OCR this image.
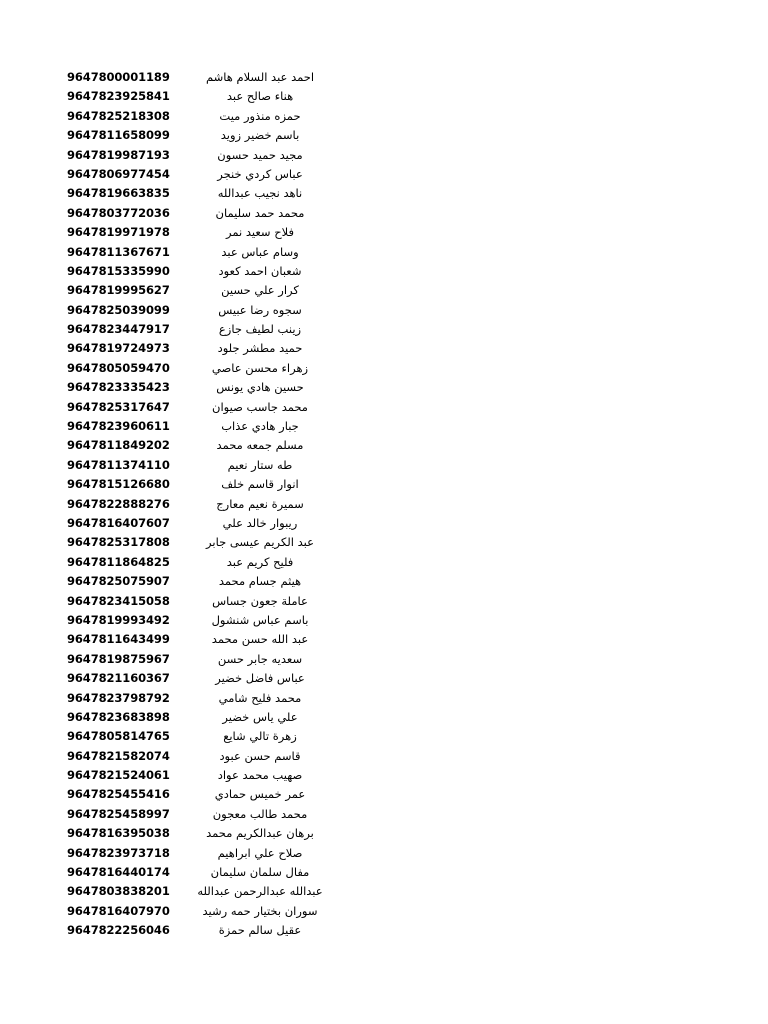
9647800001189	احمد عبد السلام هاشم
9647823925841	هناء صالح عبد
9647825218308	حمزه منذور ميت
9647811658099	باسم خضير زويد
9647819987193	مجيد حميد حسون
9647806977454	عباس كردي خنجر
9647819663835	ناهد نجيب عبدالله
9647803772036	محمد حمد سليمان
9647819971978	فلاح سعيد نمر
9647811367671	وسام عباس عبد
9647815335990	شعبان احمد كعود
9647819995627	كرار علي حسين
9647825039099	سجوه رضا عبيس
9647823447917	زينب لطيف جازع
9647819724973	حميد مطشر جلود
9647805059470	زهراء محسن عاصي
9647823335423	حسين هادي يونس
9647825317647	محمد جاسب صيوان
9647823960611	جبار هادي عذاب
9647811849202	مسلم جمعه محمد
9647811374110	طه ستار نعيم
9647815126680	انوار قاسم خلف
9647822888276	سميرة نعيم معارج
9647816407607	ريبوار خالد علي
9647825317808	عبد الكريم عيسى جابر
9647811864825	فليح كريم عبد
9647825075907	هيثم جسام محمد
9647823415058	عاملة جعون جساس
9647819993492	باسم عباس شنشول
9647811643499	عبد الله حسن محمد
9647819875967	سعديه جابر حسن
9647821160367	عباس فاضل خضير
9647823798792	محمد فليح شامي
9647823683898	علي ياس خضير
9647805814765	زهرة تالي شايع
9647821582074	قاسم حسن عبود
9647821524061	صهيب محمد عواد
9647825455416	عمر خميس حمادي
9647825458997	محمد طالب معجون
9647816395038	برهان عبدالكريم محمد
9647823973718	صلاح علي ابراهيم
9647816440174	مفال سلمان سليمان
9647803838201	عبدالله عبدالرحمن عبدالله
9647816407970	سوران بختيار حمه رشيد
9647822256046	عقيل سالم حمزة
